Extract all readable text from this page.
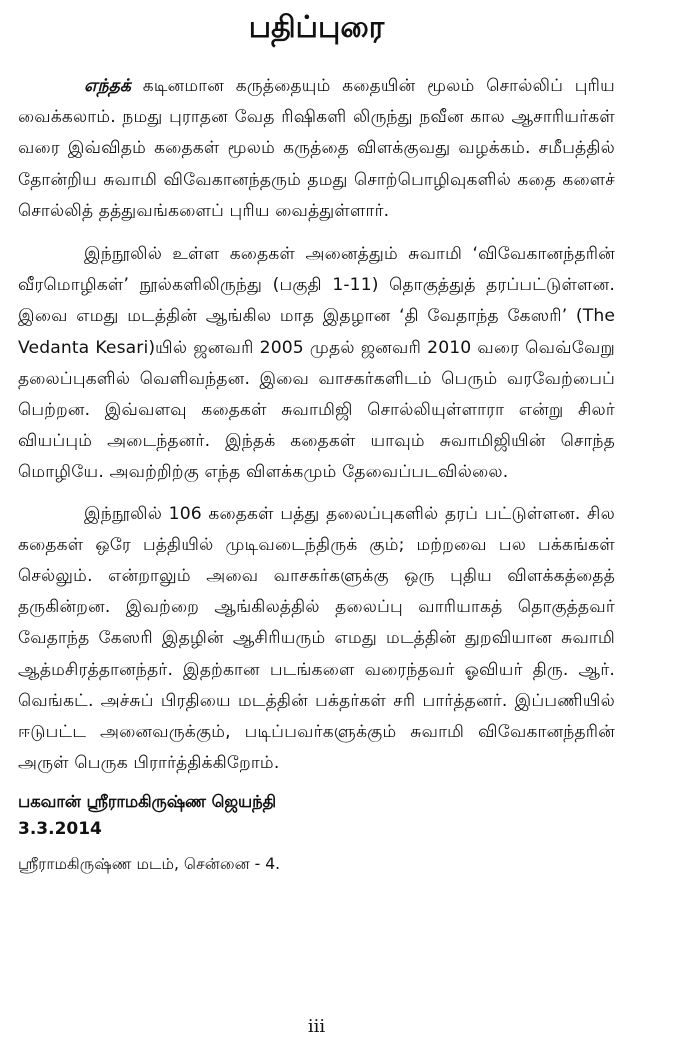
பதிப்புரை

எந்தக் கடினமான கருத்தையும் கதையின் மூலம் சொல்லிப் புரிய வைக்கலாம். நமது புராதன வேத ரிஷிகளி லிருந்து நவீன கால ஆசாரியர்கள் வரை இவ்விதம் கதைகள் மூலம் கருத்தை விளக்குவது வழக்கம். சமீபத்தில் தோன்றிய சுவாமி விவேகானந்தரும் தமது சொற்பொழிவுகளில் கதை களைச் சொல்லித் தத்துவங்களைப் புரிய வைத்துள்ளார்.

இந்நூலில் உள்ள கதைகள் அனைத்தும் சுவாமி ‘விவேகானந்தரின் வீரமொழிகள்’ நூல்களிலிருந்து (பகுதி 1-11) தொகுத்துத் தரப்பட்டுள்ளன. இவை எமது மடத்தின் ஆங்கில மாத இதழான ‘தி வேதாந்த கேஸரி’ (The Vedanta Kesari)யில் ஜனவரி 2005 முதல் ஜனவரி 2010 வரை வெவ்வேறு தலைப்புகளில் வெளிவந்தன. இவை வாசகர்களிடம் பெரும் வரவேற்பைப் பெற்றன. இவ்வளவு கதைகள் சுவாமிஜி சொல்லியுள்ளாரா என்று சிலர் வியப்பும் அடைந்தனர். இந்தக் கதைகள் யாவும் சுவாமிஜியின் சொந்த மொழியே. அவற்றிற்கு எந்த விளக்கமும் தேவைப்படவில்லை.

இந்நூலில் 106 கதைகள் பத்து தலைப்புகளில் தரப் பட்டுள்ளன. சில கதைகள் ஒரே பத்தியில் முடிவடைந்திருக் கும்; மற்றவை பல பக்கங்கள் செல்லும். என்றாலும் அவை வாசகர்களுக்கு ஒரு புதிய விளக்கத்தைத் தருகின்றன. இவற்றை ஆங்கிலத்தில் தலைப்பு வாரியாகத் தொகுத்தவர் வேதாந்த கேஸரி இதழின் ஆசிரியரும் எமது மடத்தின் துறவியான சுவாமி ஆத்மசிரத்தானந்தர். இதற்கான படங்களை வரைந்தவர் ஓவியர் திரு. ஆர். வெங்கட். அச்சுப் பிரதியை மடத்தின் பக்தர்கள் சரி பார்த்தனர். இப்பணியில் ஈடுபட்ட அனைவருக்கும், படிப்பவர்களுக்கும் சுவாமி விவேகானந்தரின் அருள் பெருக பிரார்த்திக்கிறோம்.

பகவான் ஸ்ரீராமகிருஷ்ண ஜெயந்தி
3.3.2014
ஸ்ரீராமகிருஷ்ண மடம், சென்னை - 4.
iii
